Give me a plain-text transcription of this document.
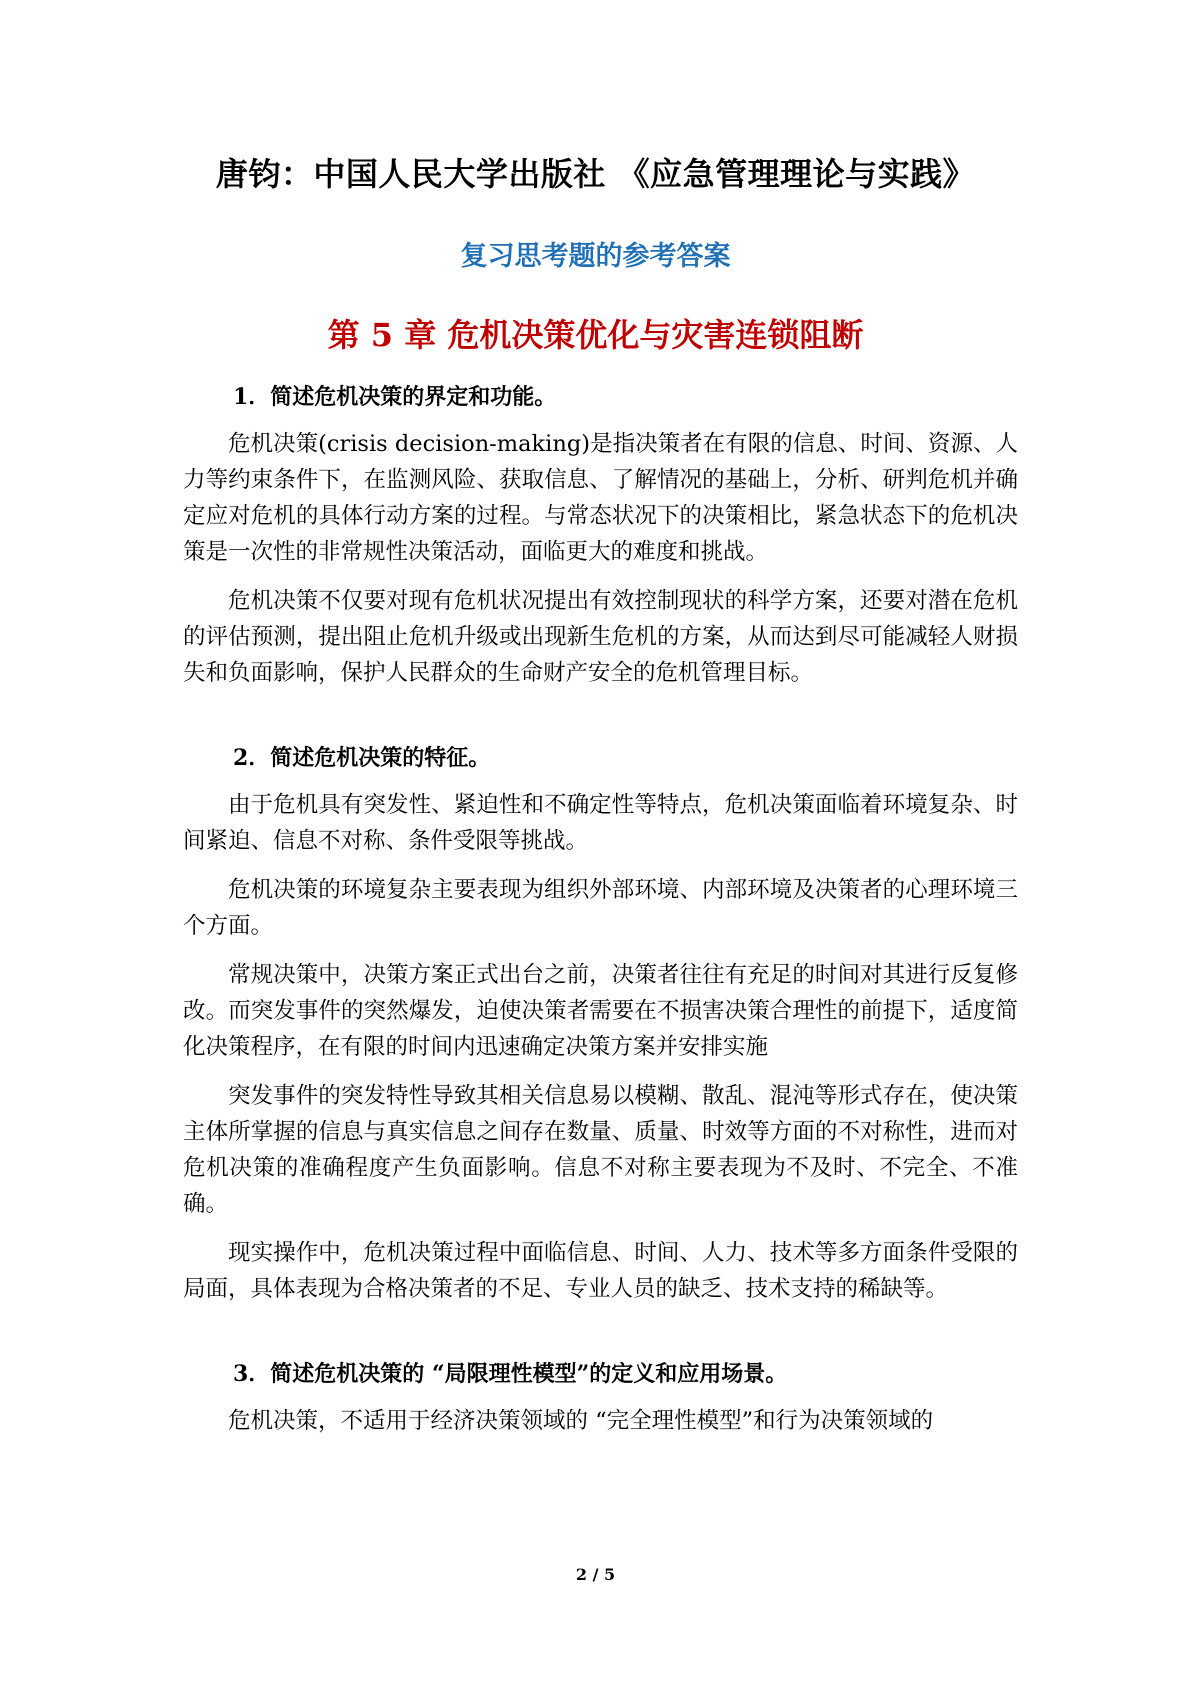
唐钧：中国人民大学出版社 《应急管理理论与实践》
复习思考题的参考答案
第 5 章 危机决策优化与灾害连锁阻断

1．简述危机决策的界定和功能。

危机决策(crisis decision-making)是指决策者在有限的信息、时间、资源、人力等约束条件下，在监测风险、获取信息、了解情况的基础上，分析、研判危机并确定应对危机的具体行动方案的过程。与常态状况下的决策相比，紧急状态下的危机决策是一次性的非常规性决策活动，面临更大的难度和挑战。

危机决策不仅要对现有危机状况提出有效控制现状的科学方案，还要对潜在危机的评估预测，提出阻止危机升级或出现新生危机的方案，从而达到尽可能减轻人财损失和负面影响，保护人民群众的生命财产安全的危机管理目标。

2．简述危机决策的特征。

由于危机具有突发性、紧迫性和不确定性等特点，危机决策面临着环境复杂、时间紧迫、信息不对称、条件受限等挑战。

危机决策的环境复杂主要表现为组织外部环境、内部环境及决策者的心理环境三个方面。

常规决策中，决策方案正式出台之前，决策者往往有充足的时间对其进行反复修改。而突发事件的突然爆发，迫使决策者需要在不损害决策合理性的前提下，适度简化决策程序，在有限的时间内迅速确定决策方案并安排实施

突发事件的突发特性导致其相关信息易以模糊、散乱、混沌等形式存在，使决策主体所掌握的信息与真实信息之间存在数量、质量、时效等方面的不对称性，进而对危机决策的准确程度产生负面影响。信息不对称主要表现为不及时、不完全、不准确。

现实操作中，危机决策过程中面临信息、时间、人力、技术等多方面条件受限的局面，具体表现为合格决策者的不足、专业人员的缺乏、技术支持的稀缺等。

3．简述危机决策的 “局限理性模型”的定义和应用场景。

危机决策，不适用于经济决策领域的 “完全理性模型”和行为决策领域的

2 / 5
